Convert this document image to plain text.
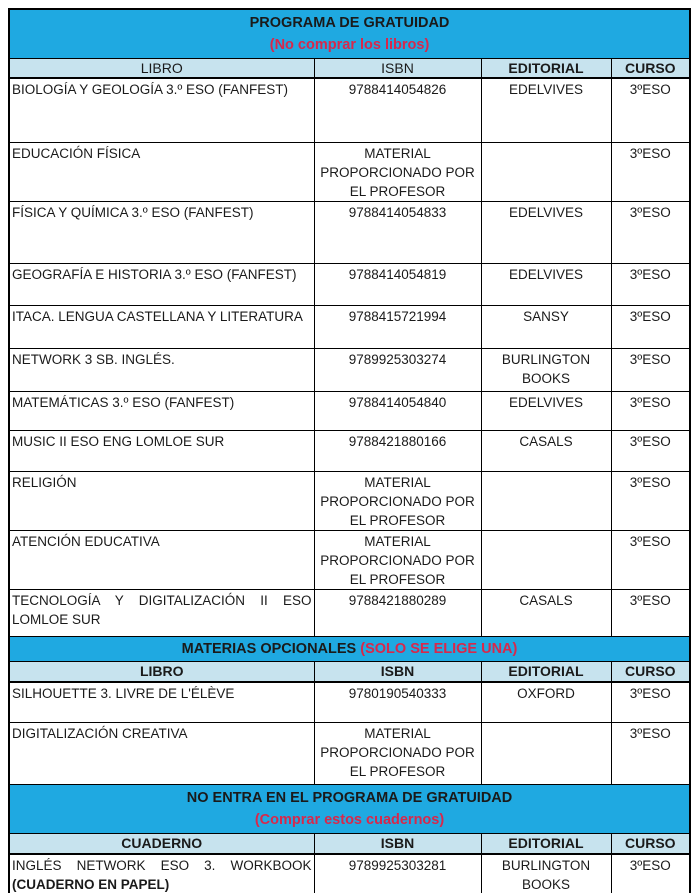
PROGRAMA DE GRATUIDAD
(No comprar los libros)			

LIBRO	ISBN	EDITORIAL	CURSO
BIOLOGÍA Y GEOLOGÍA 3.º ESO (FANFEST)	9788414054826	EDELVIVES	3ºESO
EDUCACIÓN FÍSICA	MATERIAL PROPORCIONADO POR EL PROFESOR		3ºESO
FÍSICA Y QUÍMICA 3.º ESO (FANFEST)	9788414054833	EDELVIVES	3ºESO
GEOGRAFÍA E HISTORIA 3.º ESO (FANFEST)	9788414054819	EDELVIVES	3ºESO
ITACA. LENGUA CASTELLANA Y LITERATURA	9788415721994	SANSY	3ºESO
NETWORK 3 SB. INGLÉS.	9789925303274	BURLINGTON BOOKS	3ºESO
MATEMÁTICAS 3.º ESO (FANFEST)	9788414054840	EDELVIVES	3ºESO
MUSIC II ESO ENG LOMLOE SUR	9788421880166	CASALS	3ºESO
RELIGIÓN	MATERIAL PROPORCIONADO POR EL PROFESOR		3ºESO
ATENCIÓN EDUCATIVA	MATERIAL PROPORCIONADO POR EL PROFESOR		3ºESO
TECNOLOGÍA Y DIGITALIZACIÓN II ESO LOMLOE SUR	9788421880289	CASALS	3ºESO
MATERIAS OPCIONALES (SOLO SE ELIGE UNA)			
LIBRO	ISBN	EDITORIAL	CURSO
SILHOUETTE 3. LIVRE DE L'ÉLÈVE	9780190540333	OXFORD	3ºESO
DIGITALIZACIÓN CREATIVA	MATERIAL PROPORCIONADO POR EL PROFESOR		3ºESO

NO ENTRA EN EL PROGRAMA DE GRATUIDAD
(Comprar estos cuadernos)			

CUADERNO	ISBN	EDITORIAL	CURSO
INGLÉS NETWORK ESO 3. WORKBOOK (CUADERNO EN PAPEL)	9789925303281	BURLINGTON BOOKS	3ºESO
